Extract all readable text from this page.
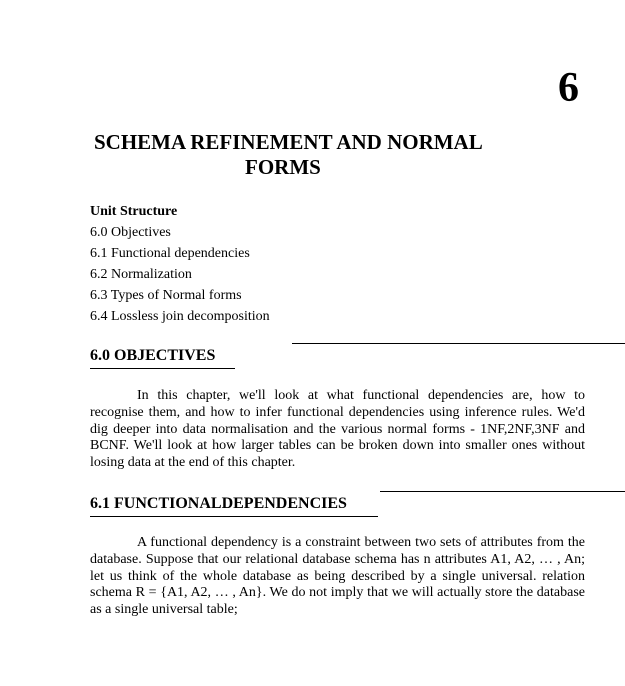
6
SCHEMA REFINEMENT AND NORMAL
FORMS
Unit Structure
6.0 Objectives
6.1 Functional dependencies
6.2 Normalization
6.3 Types of Normal forms
6.4 Lossless join decomposition
6.0 OBJECTIVES

In this chapter, we'll look at what functional dependencies are, how to recognise them, and how to infer functional dependencies using inference rules. We'd dig deeper into data normalisation and the various normal forms - 1NF,2NF,3NF and BCNF. We'll look at how larger tables can be broken down into smaller ones without losing data at the end of this chapter.

6.1 FUNCTIONALDEPENDENCIES

A functional dependency is a constraint between two sets of attributes from the database. Suppose that our relational database schema has n attributes A1, A2, … , An; let us think of the whole database as being described by a single universal. relation schema R = {A1, A2, … , An}. We do not imply that we will actually store the database as a single universal table;
